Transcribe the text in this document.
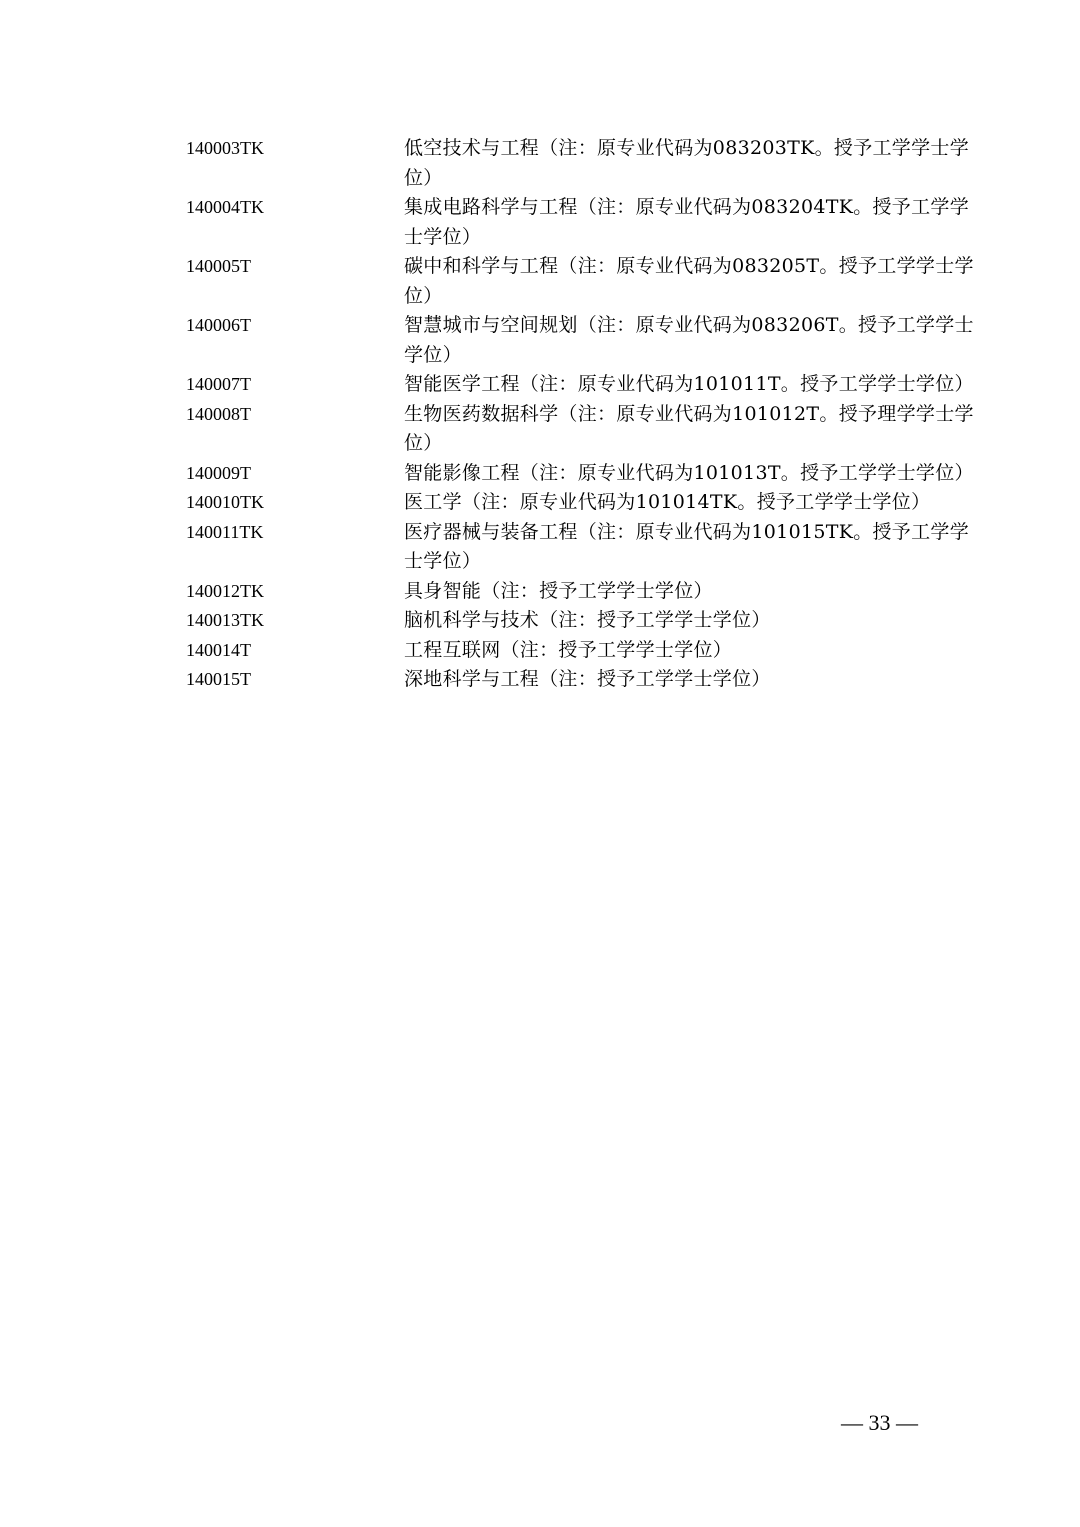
140003TK	低空技术与工程（注：原专业代码为083203TK。授予工学学士学位）
140004TK	集成电路科学与工程（注：原专业代码为083204TK。授予工学学士学位）
140005T	碳中和科学与工程（注：原专业代码为083205T。授予工学学士学位）
140006T	智慧城市与空间规划（注：原专业代码为083206T。授予工学学士学位）
140007T	智能医学工程（注：原专业代码为101011T。授予工学学士学位）
140008T	生物医药数据科学（注：原专业代码为101012T。授予理学学士学位）
140009T	智能影像工程（注：原专业代码为101013T。授予工学学士学位）
140010TK	医工学（注：原专业代码为101014TK。授予工学学士学位）
140011TK	医疗器械与装备工程（注：原专业代码为101015TK。授予工学学士学位）
140012TK	具身智能（注：授予工学学士学位）
140013TK	脑机科学与技术（注：授予工学学士学位）
140014T	工程互联网（注：授予工学学士学位）
140015T	深地科学与工程（注：授予工学学士学位）
— 33 —
